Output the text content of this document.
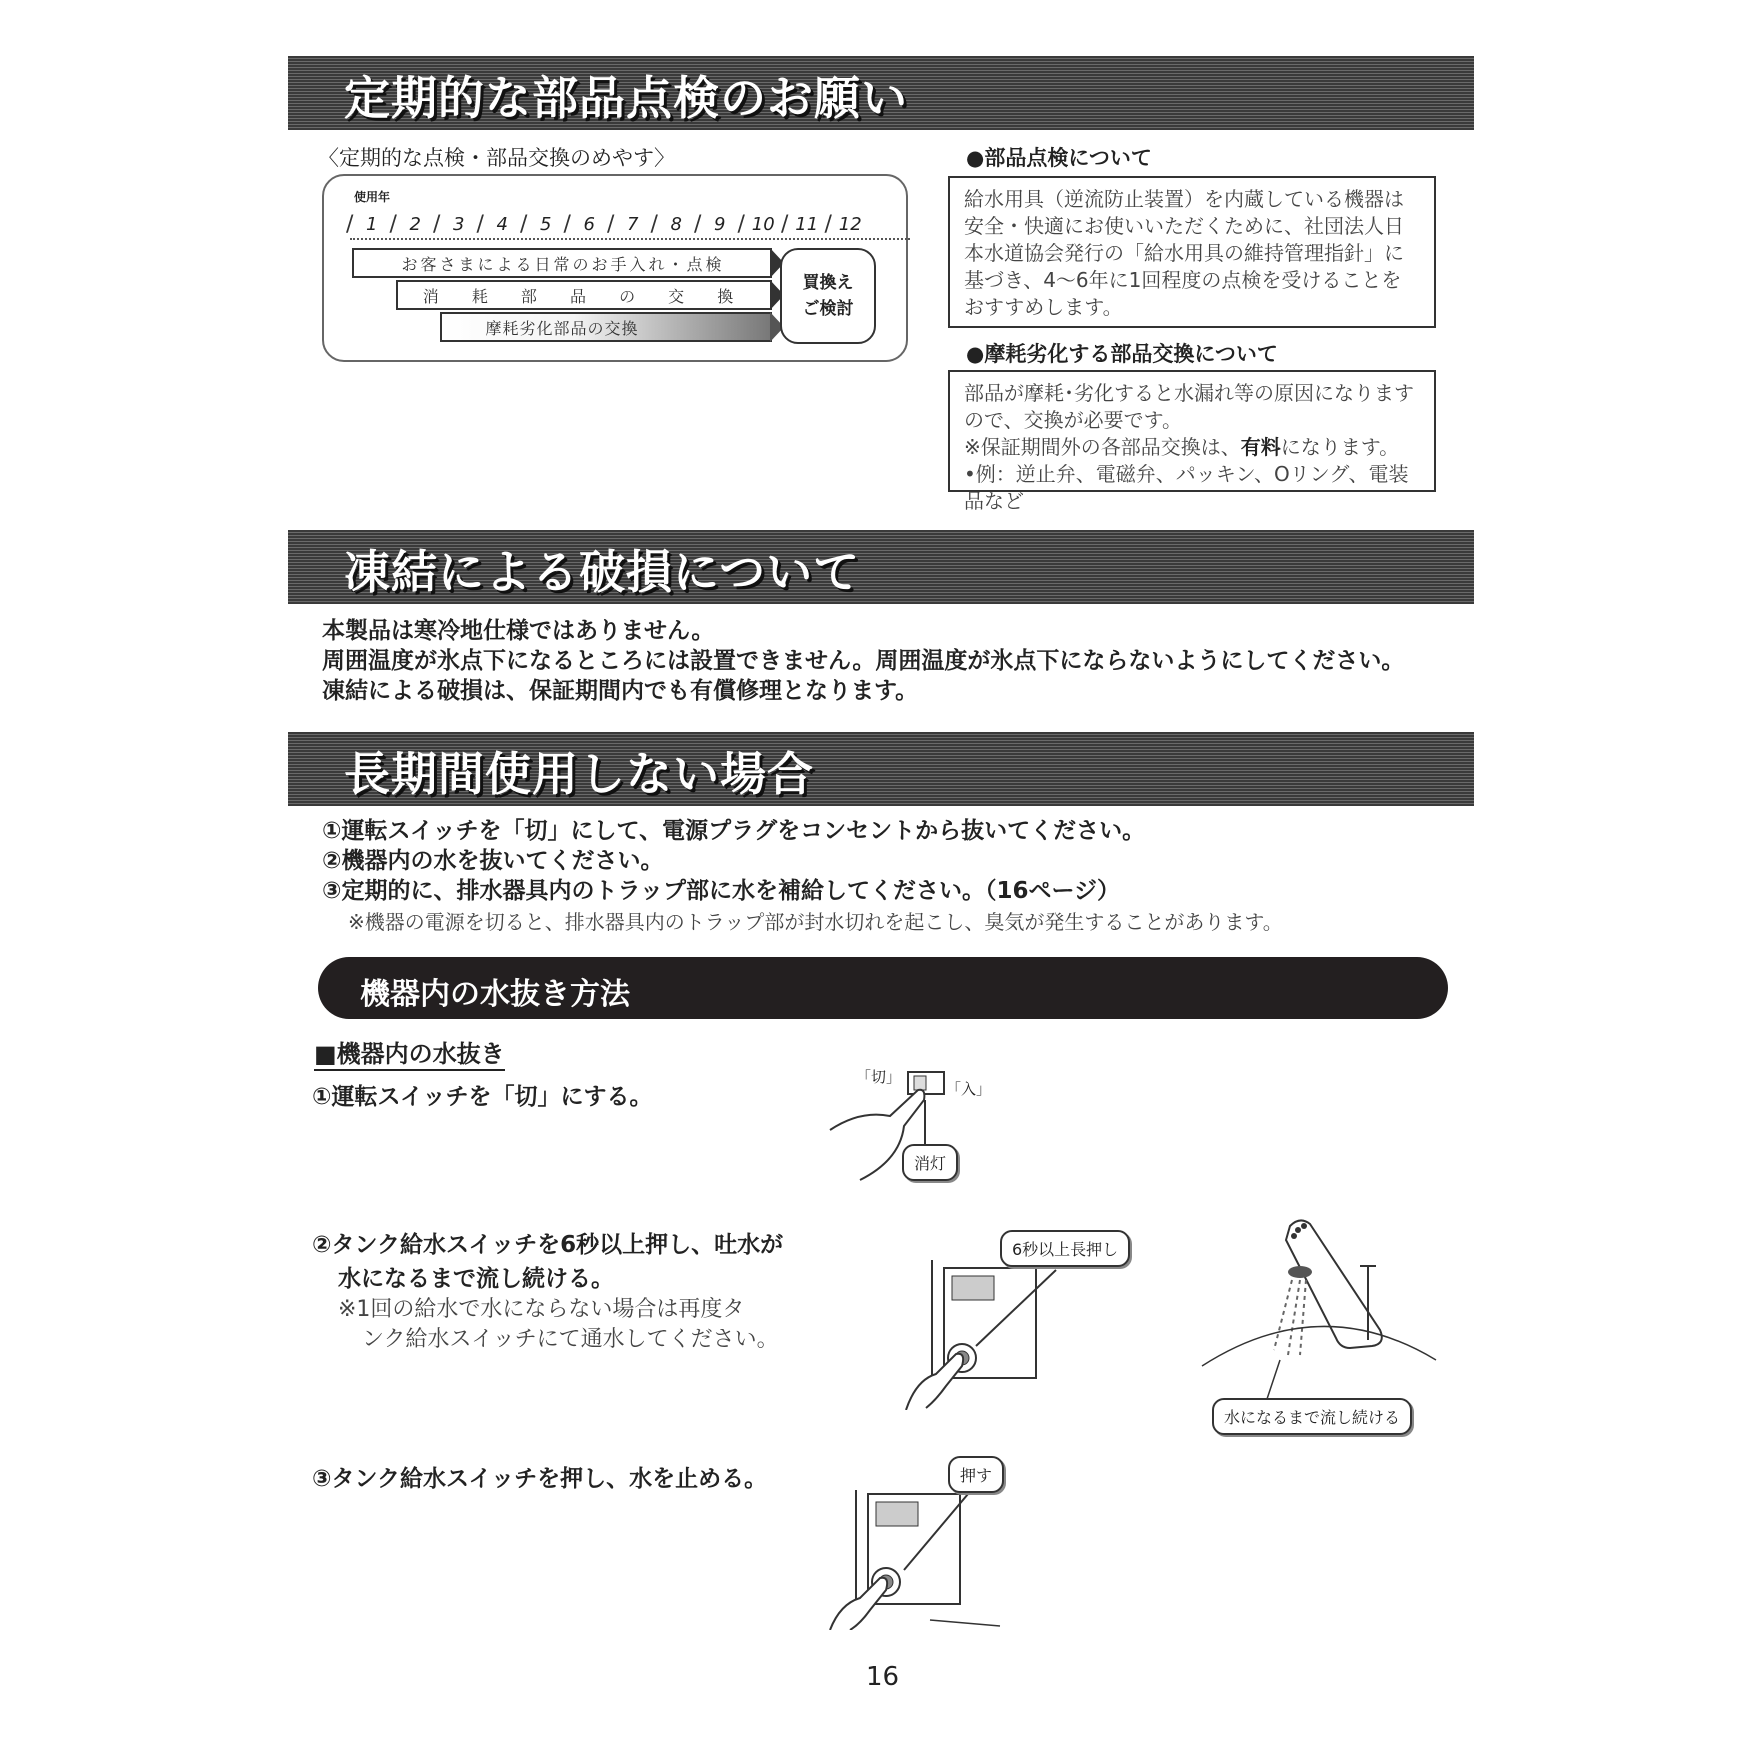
定期的な部品点検のお願い
〈定期的な点検・部品交換のめやす〉
使用年
1
/	2
/	3
/	4
/	5
/	6
/	7
/	8
/	9
/	10
/	11
/	12
/
お客さまによる日常のお手入れ・点検
消 耗 部 品 の 交 換
摩耗劣化部品の交換
買換え
ご検討
●部品点検について
給水用具（逆流防止装置）を内蔵している機器は安全・快適にお使いいただくために、社団法人日本水道協会発行の「給水用具の維持管理指針」に基づき、4〜6年に1回程度の点検を受けることをおすすめします。
●摩耗劣化する部品交換について
部品が摩耗･劣化すると水漏れ等の原因になりますので、交換が必要です。
※保証期間外の各部品交換は、有料になります。
•例：逆止弁、電磁弁、パッキン、Oリング、電装品など
凍結による破損について
本製品は寒冷地仕様ではありません。
周囲温度が氷点下になるところには設置できません。周囲温度が氷点下にならないようにしてください。
凍結による破損は、保証期間内でも有償修理となります。
長期間使用しない場合
①運転スイッチを「切」にして、電源プラグをコンセントから抜いてください。
②機器内の水を抜いてください。
③定期的に、排水器具内のトラップ部に水を補給してください。（16ページ）
※機器の電源を切ると、排水器具内のトラップ部が封水切れを起こし、臭気が発生することがあります。
機器内の水抜き方法
■機器内の水抜き
①運転スイッチを「切」にする。
「切」
「入」
消灯
②タンク給水スイッチを6秒以上押し、吐水が
水になるまで流し続ける。
※1回の給水で水にならない場合は再度タ
ンク給水スイッチにて通水してください。
6秒以上長押し
水になるまで流し続ける
③タンク給水スイッチを押し、水を止める。	押す
16
